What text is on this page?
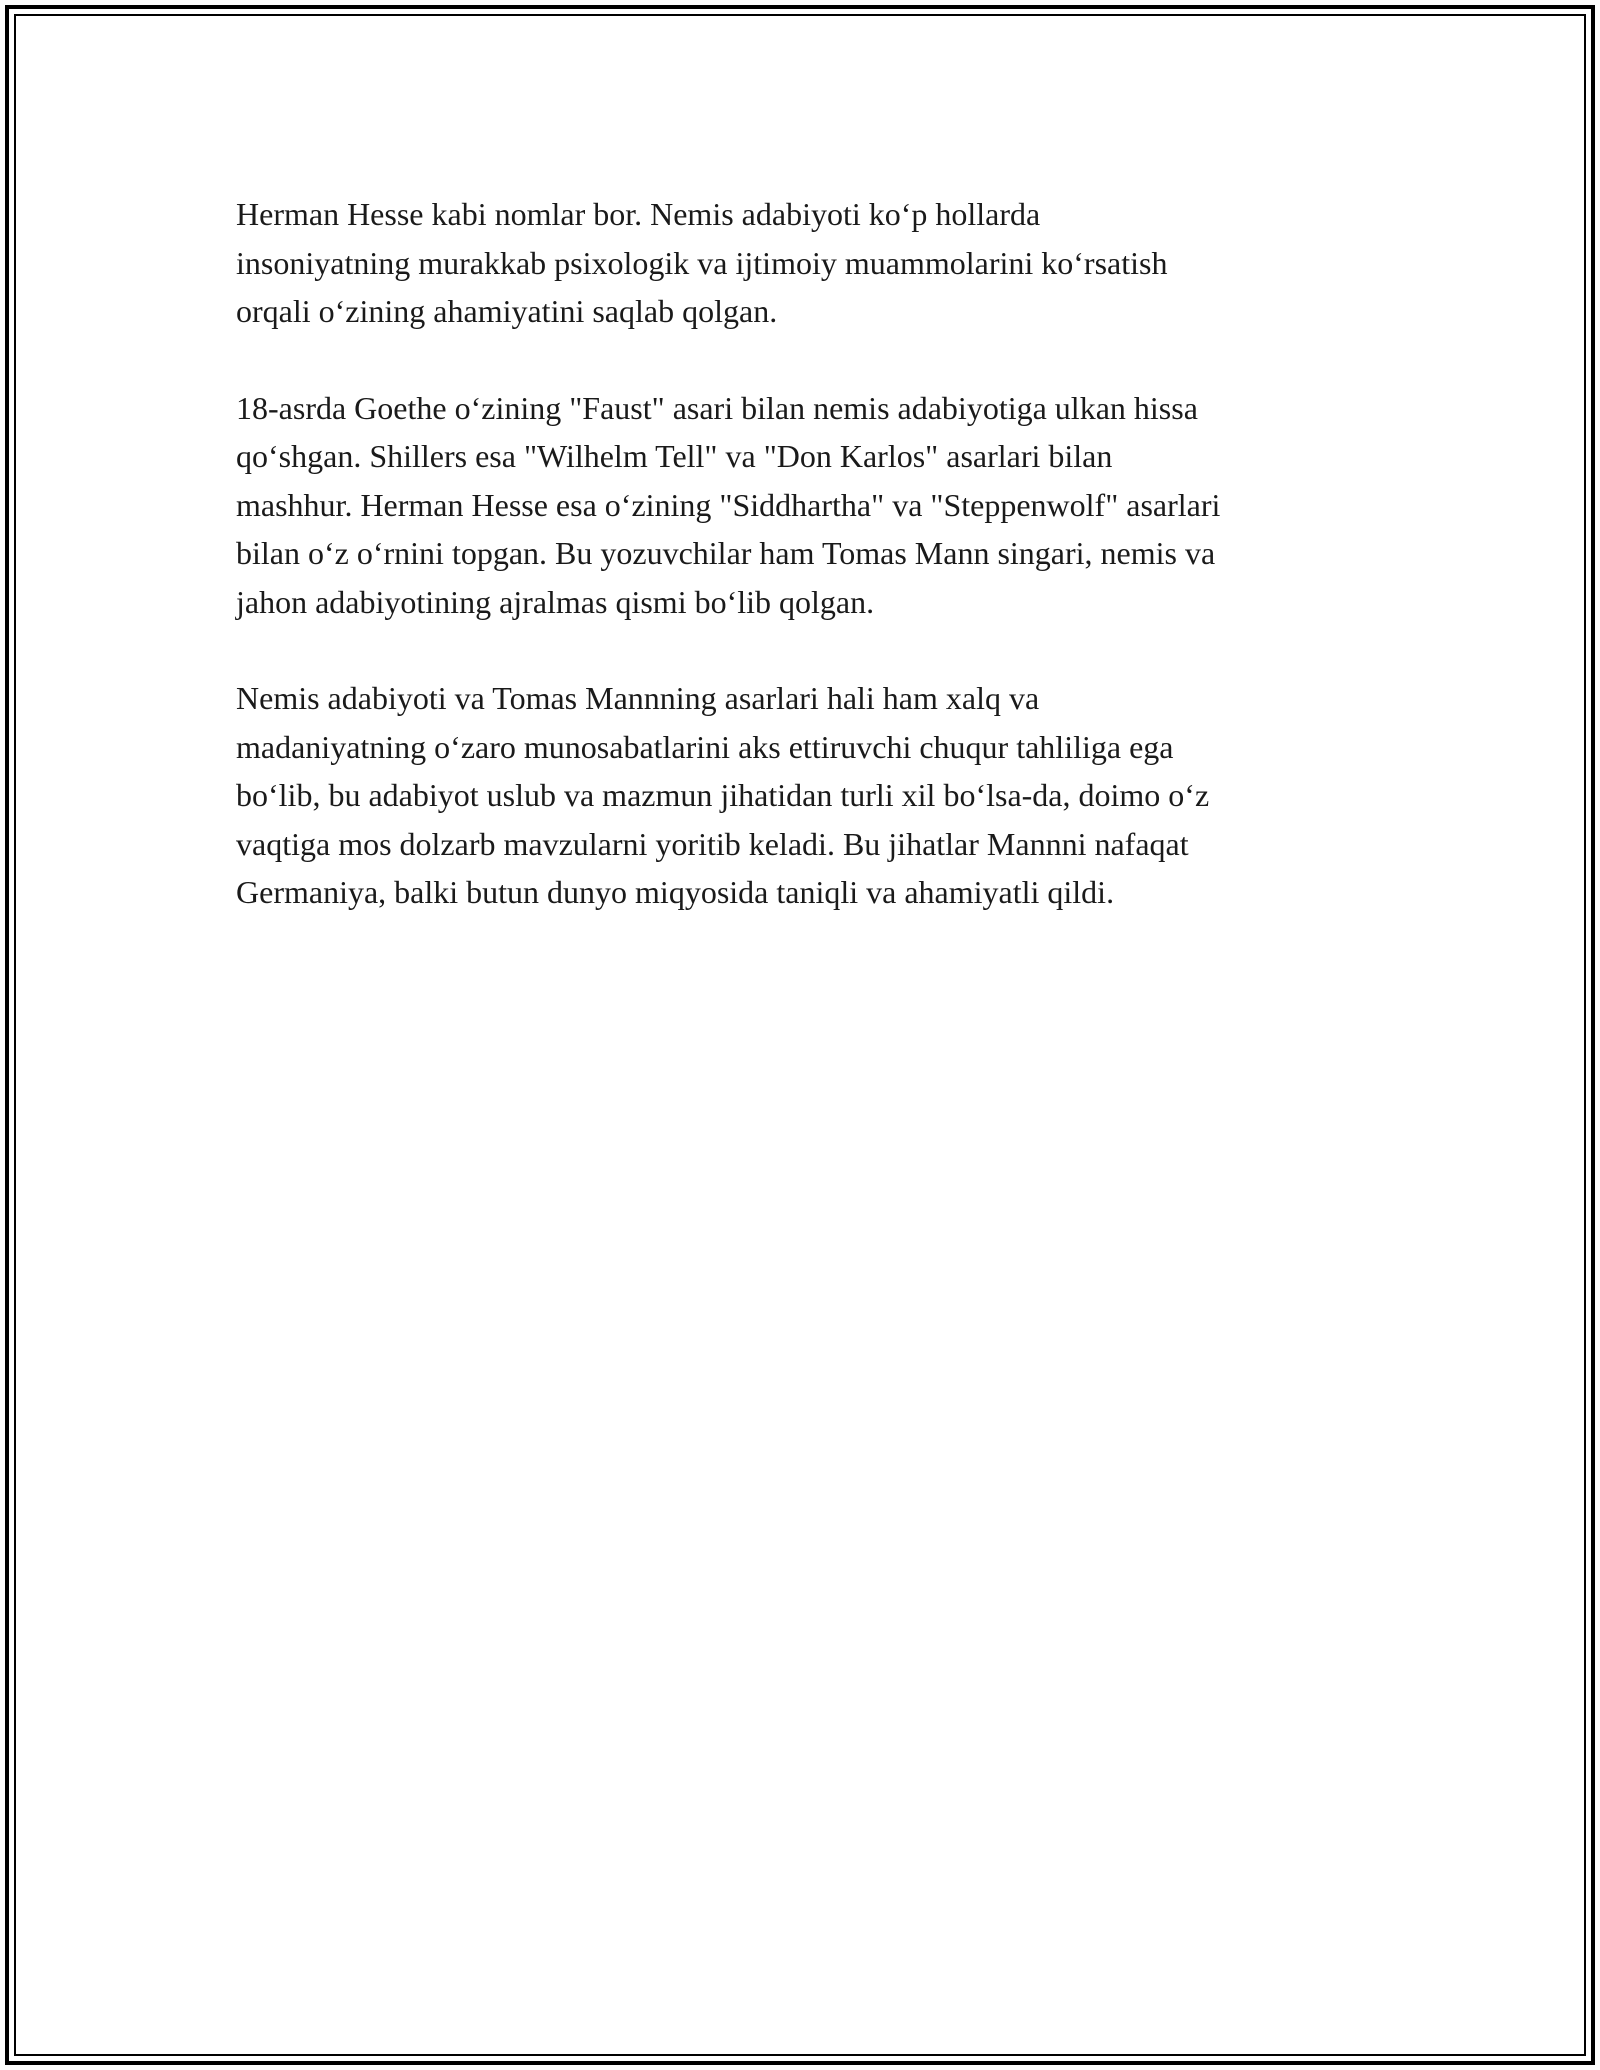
Herman Hesse kabi nomlar bor. Nemis adabiyoti koʻp hollarda
insoniyatning murakkab psixologik va ijtimoiy muammolarini koʻrsatish
orqali oʻzining ahamiyatini saqlab qolgan.

18-asrda Goethe oʻzining "Faust" asari bilan nemis adabiyotiga ulkan hissa
qoʻshgan. Shillers esa "Wilhelm Tell" va "Don Karlos" asarlari bilan
mashhur. Herman Hesse esa oʻzining "Siddhartha" va "Steppenwolf" asarlari
bilan oʻz oʻrnini topgan. Bu yozuvchilar ham Tomas Mann singari, nemis va
jahon adabiyotining ajralmas qismi boʻlib qolgan.

Nemis adabiyoti va Tomas Mannning asarlari hali ham xalq va
madaniyatning oʻzaro munosabatlarini aks ettiruvchi chuqur tahliliga ega
boʻlib, bu adabiyot uslub va mazmun jihatidan turli xil boʻlsa-da, doimo oʻz
vaqtiga mos dolzarb mavzularni yoritib keladi. Bu jihatlar Mannni nafaqat
Germaniya, balki butun dunyo miqyosida taniqli va ahamiyatli qildi.
